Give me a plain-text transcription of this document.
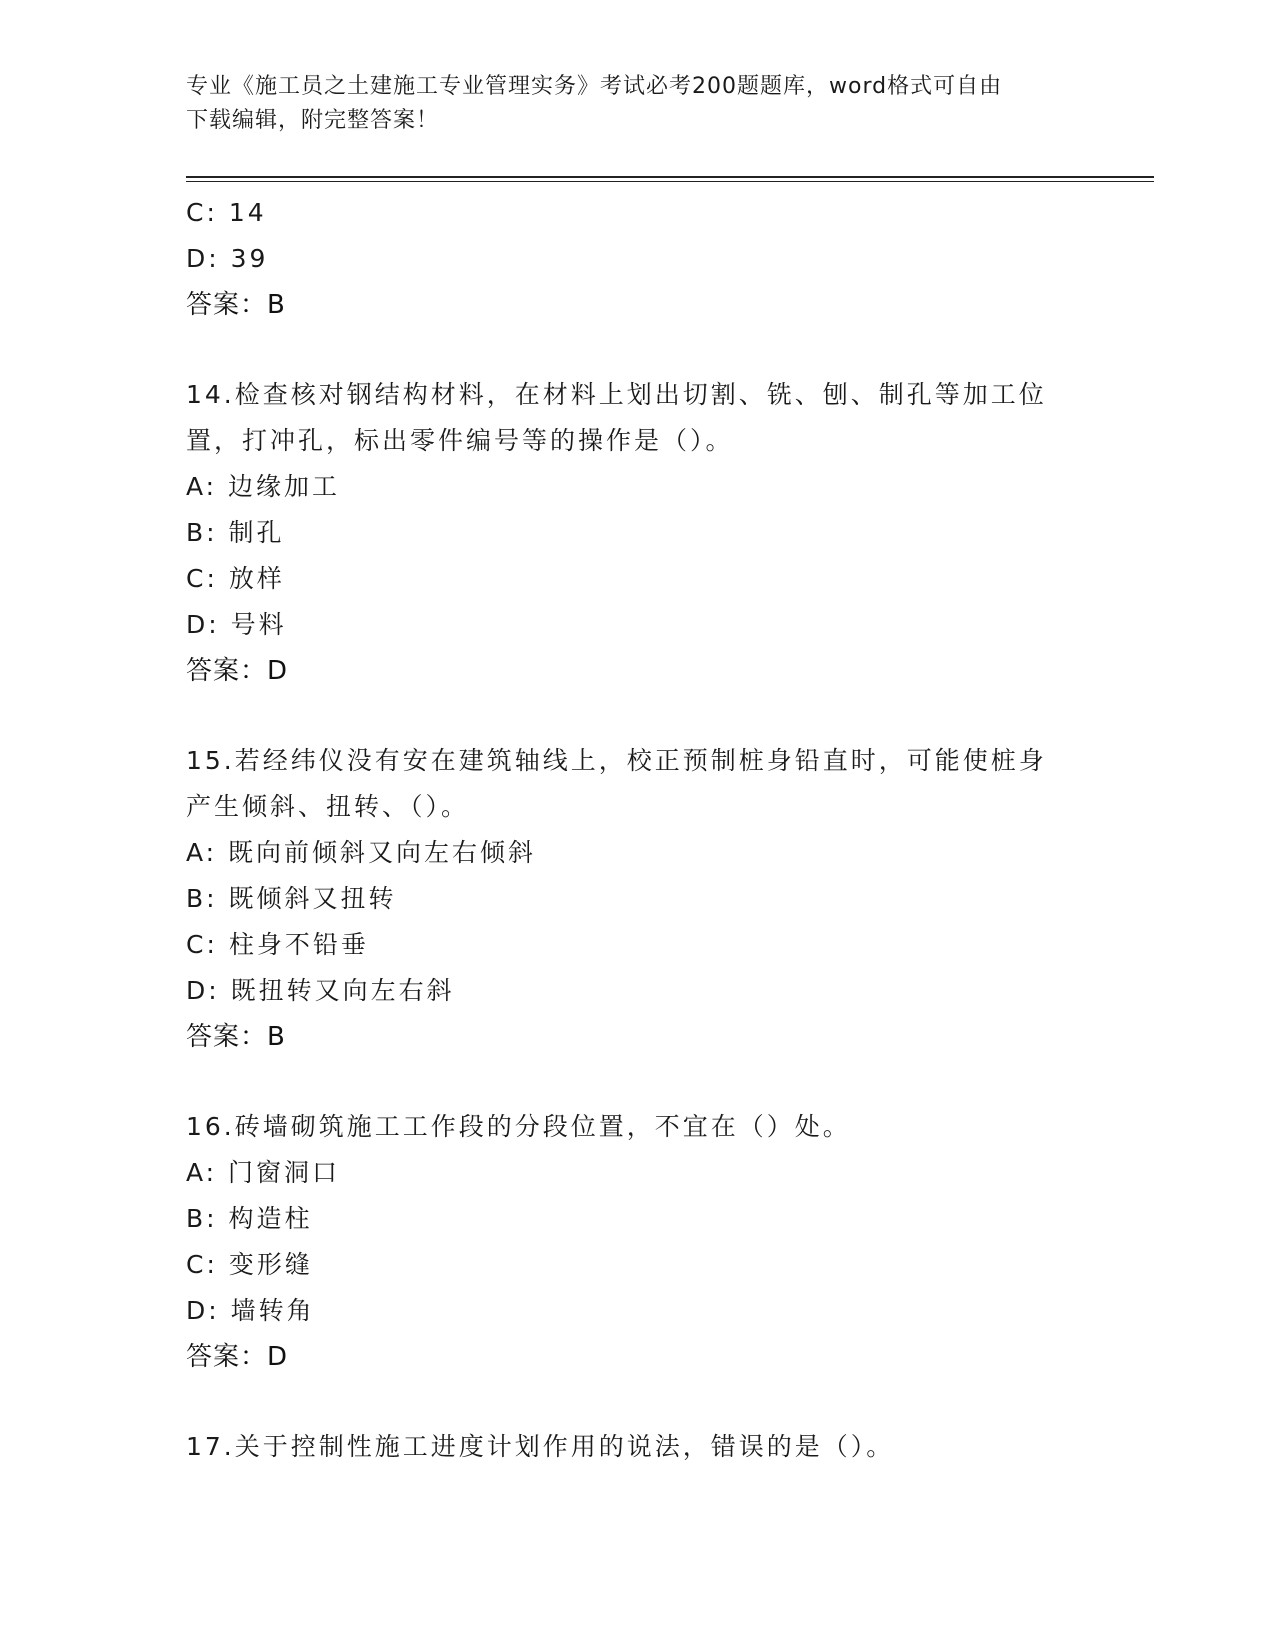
专业《施工员之土建施工专业管理实务》考试必考200题题库，word格式可自由
下载编辑，附完整答案！
C: 14
D: 39
答案：B
14.检查核对钢结构材料，在材料上划出切割、铣、刨、制孔等加工位
置，打冲孔，标出零件编号等的操作是（）。
A: 边缘加工
B: 制孔
C: 放样
D: 号料
答案：D
15.若经纬仪没有安在建筑轴线上，校正预制桩身铅直时，可能使桩身
产生倾斜、扭转、（）。
A: 既向前倾斜又向左右倾斜
B: 既倾斜又扭转
C: 柱身不铅垂
D: 既扭转又向左右斜
答案：B
16.砖墙砌筑施工工作段的分段位置，不宜在（）处。
A: 门窗洞口
B: 构造柱
C: 变形缝
D: 墙转角
答案：D
17.关于控制性施工进度计划作用的说法，错误的是（）。
